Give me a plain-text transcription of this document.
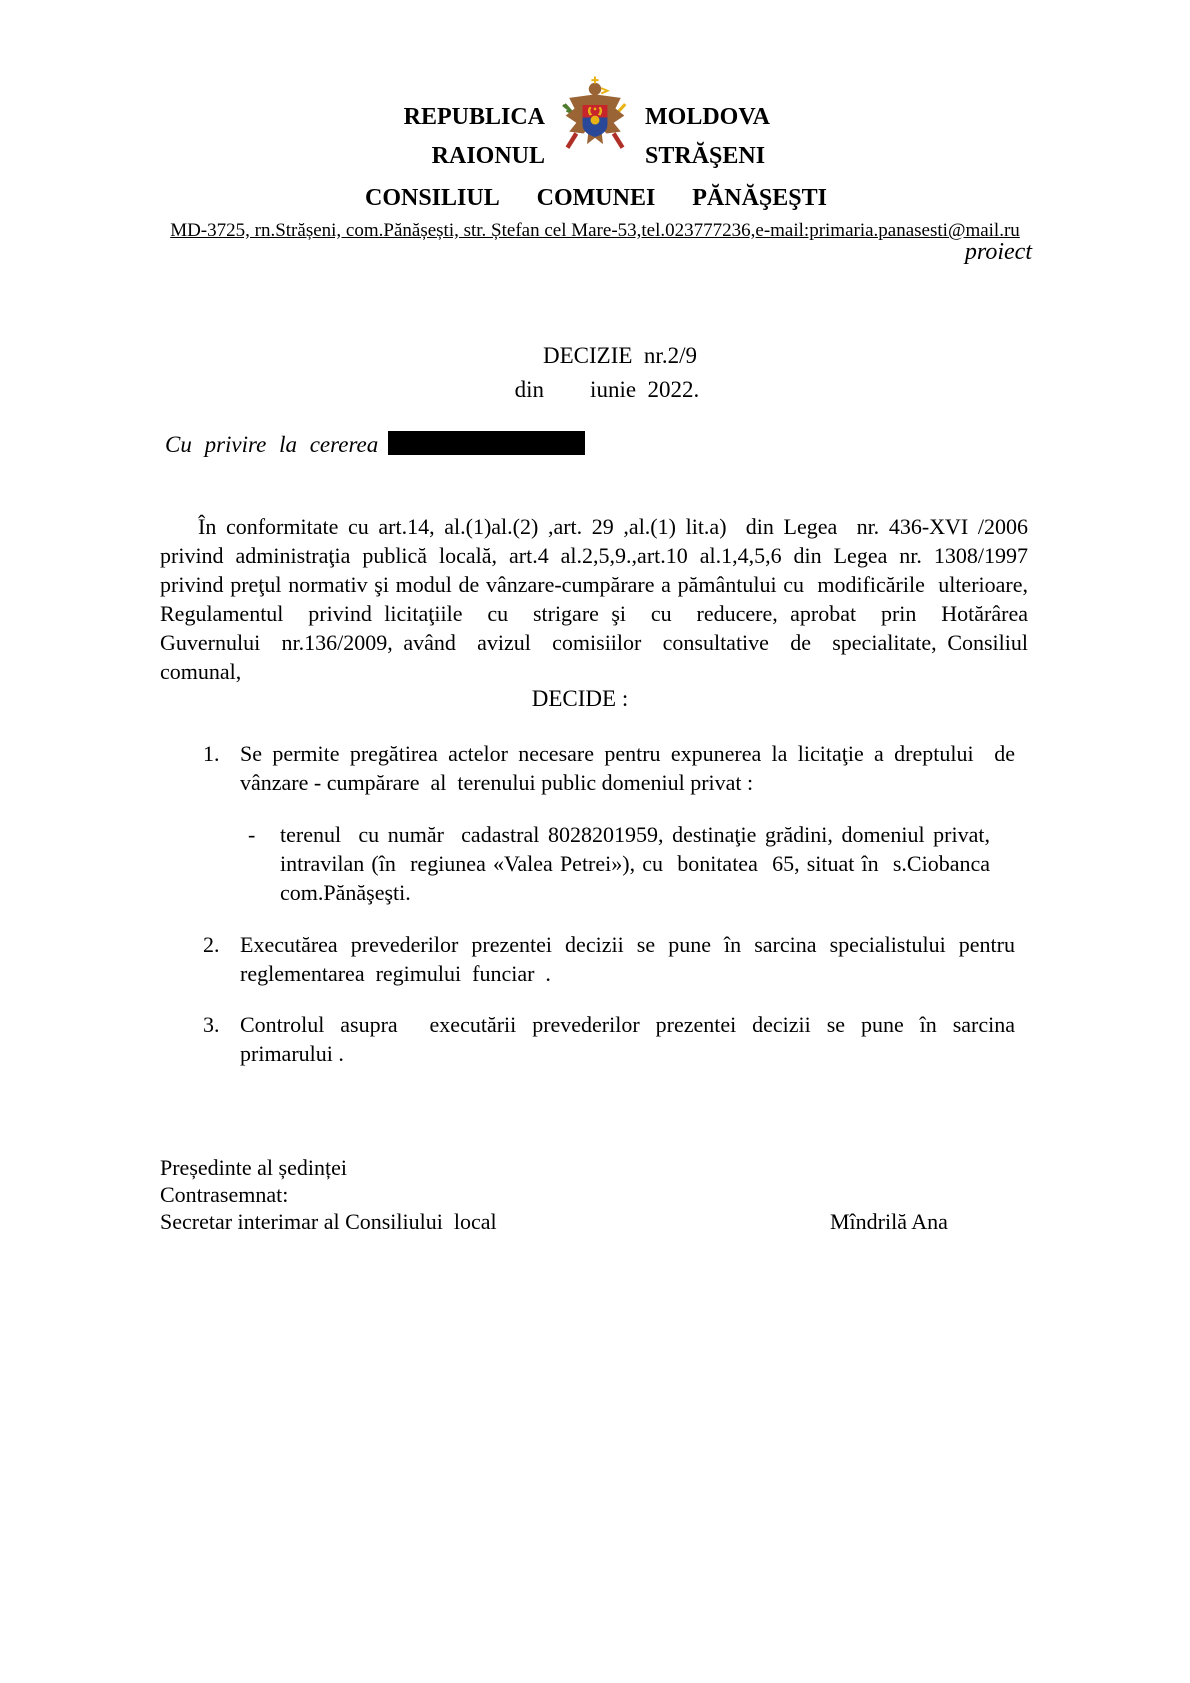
REPUBLICA	MOLDOVA
RAIONUL	STRĂŞENI
CONSILIUL COMUNEI PĂNĂŞEŞTI
MD-3725, rn.Strășeni, com.Pănășești, str. Ștefan cel Mare-53,tel.023777236,e-mail:primaria.panasesti@mail.ru
proiect
DECIZIE  nr.2/9
din        iunie  2022.
Cu privire la cererea
În conformitate cu art.14, al.(1)al.(2) ,art. 29 ,al.(1) lit.a)  din Legea  nr. 436-XVI /2006
privind administraţia publică locală, art.4 al.2,5,9.,art.10 al.1,4,5,6 din Legea nr. 1308/1997
privind preţul normativ şi modul de vânzare-cumpărare a pământului cu  modificările  ulterioare,
Regulamentul  privind licitaţiile  cu  strigare şi  cu  reducere, aprobat  prin  Hotărârea
Guvernului  nr.136/2009, având  avizul  comisiilor  consultative  de  specialitate, Consiliul
comunal,
DECIDE :
1. Se permite pregătirea actelor necesare pentru expunerea la licitaţie a dreptului  de
vânzare - cumpărare  al  terenului public domeniul privat :
-	terenul  cu număr  cadastral 8028201959, destinaţie grădini, domeniul privat,
intravilan (în  regiunea «Valea Petrei»), cu  bonitatea  65, situat în  s.Ciobanca
com.Pănăşeşti.
2. Executărea prevederilor prezentei decizii se pune în sarcina specialistului pentru
reglementarea  regimului  funciar  .
3. Controlul asupra  executării prevederilor prezentei decizii se pune în sarcina
primarului .
Președinte al ședinței
Contrasemnat:
Secretar interimar al Consiliului  local	Mîndrilă Ana
